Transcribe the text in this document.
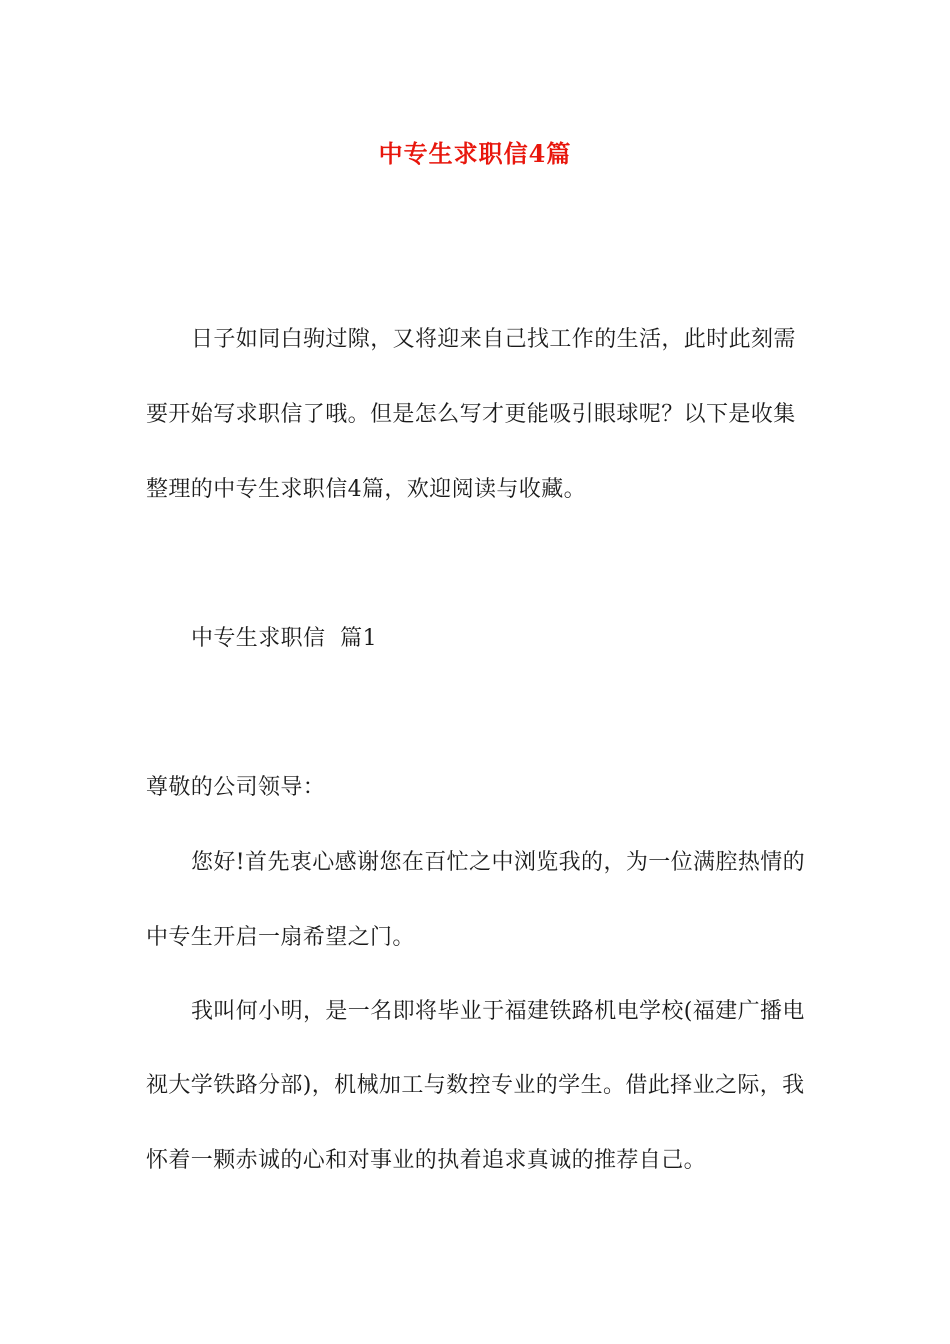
中专生求职信4篇
日子如同白驹过隙，又将迎来自己找工作的生活，此时此刻需
要开始写求职信了哦。但是怎么写才更能吸引眼球呢？以下是收集
整理的中专生求职信4篇，欢迎阅读与收藏。
中专生求职信  篇1
尊敬的公司领导：
您好!首先衷心感谢您在百忙之中浏览我的，为一位满腔热情的
中专生开启一扇希望之门。
我叫何小明，是一名即将毕业于福建铁路机电学校(福建广播电
视大学铁路分部)，机械加工与数控专业的学生。借此择业之际，我
怀着一颗赤诚的心和对事业的执着追求真诚的推荐自己。
